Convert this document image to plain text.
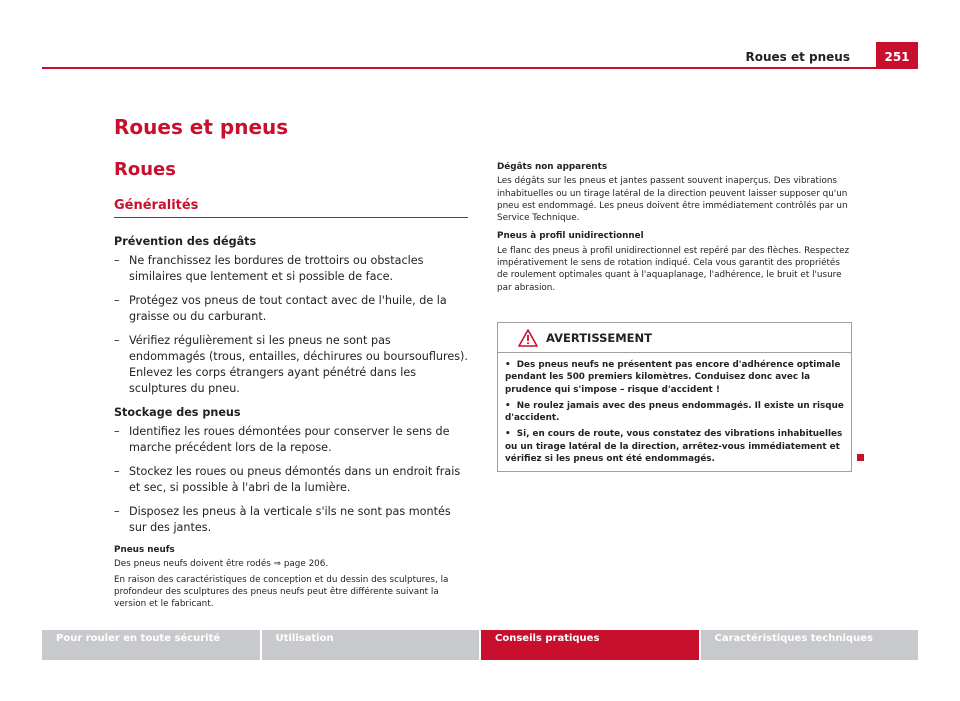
Roues et pneus	251
Roues et pneus
Roues
Généralités
Prévention des dégâts
– Ne franchissez les bordures de trottoirs ou obstacles similaires que lentement et si possible de face.
– Protégez vos pneus de tout contact avec de l'huile, de la graisse ou du carburant.
– Vérifiez régulièrement si les pneus ne sont pas endommagés (trous, entailles, déchirures ou boursouflures). Enlevez les corps étrangers ayant pénétré dans les sculptures du pneu.
Stockage des pneus
– Identifiez les roues démontées pour conserver le sens de marche précédent lors de la repose.
– Stockez les roues ou pneus démontés dans un endroit frais et sec, si possible à l'abri de la lumière.
– Disposez les pneus à la verticale s'ils ne sont pas montés sur des jantes.
Pneus neufs

Des pneus neufs doivent être rodés ⇒ page 206.

En raison des caractéristiques de conception et du dessin des sculptures, la profondeur des sculptures des pneus neufs peut être différente suivant la version et le fabricant.

Dégâts non apparents

Les dégâts sur les pneus et jantes passent souvent inaperçus. Des vibrations inhabituelles ou un tirage latéral de la direction peuvent laisser supposer qu'un pneu est endommagé. Les pneus doivent être immédiatement contrôlés par un Service Technique.

Pneus à profil unidirectionnel

Le flanc des pneus à profil unidirectionnel est repéré par des flèches. Respectez impérativement le sens de rotation indiqué. Cela vous garantit des propriétés de roulement optimales quant à l'aquaplanage, l'adhérence, le bruit et l'usure par abrasion.

AVERTISSEMENT

•  Des pneus neufs ne présentent pas encore d'adhérence optimale pendant les 500 premiers kilomètres. Conduisez donc avec la prudence qui s'impose – risque d'accident !

•  Ne roulez jamais avec des pneus endommagés. Il existe un risque d'accident.

•  Si, en cours de route, vous constatez des vibrations inhabituelles ou un tirage latéral de la direction, arrêtez-vous immédiatement et vérifiez si les pneus ont été endommagés.

Pour rouler en toute sécurité	Utilisation	Conseils pratiques	Caractéristiques techniques
